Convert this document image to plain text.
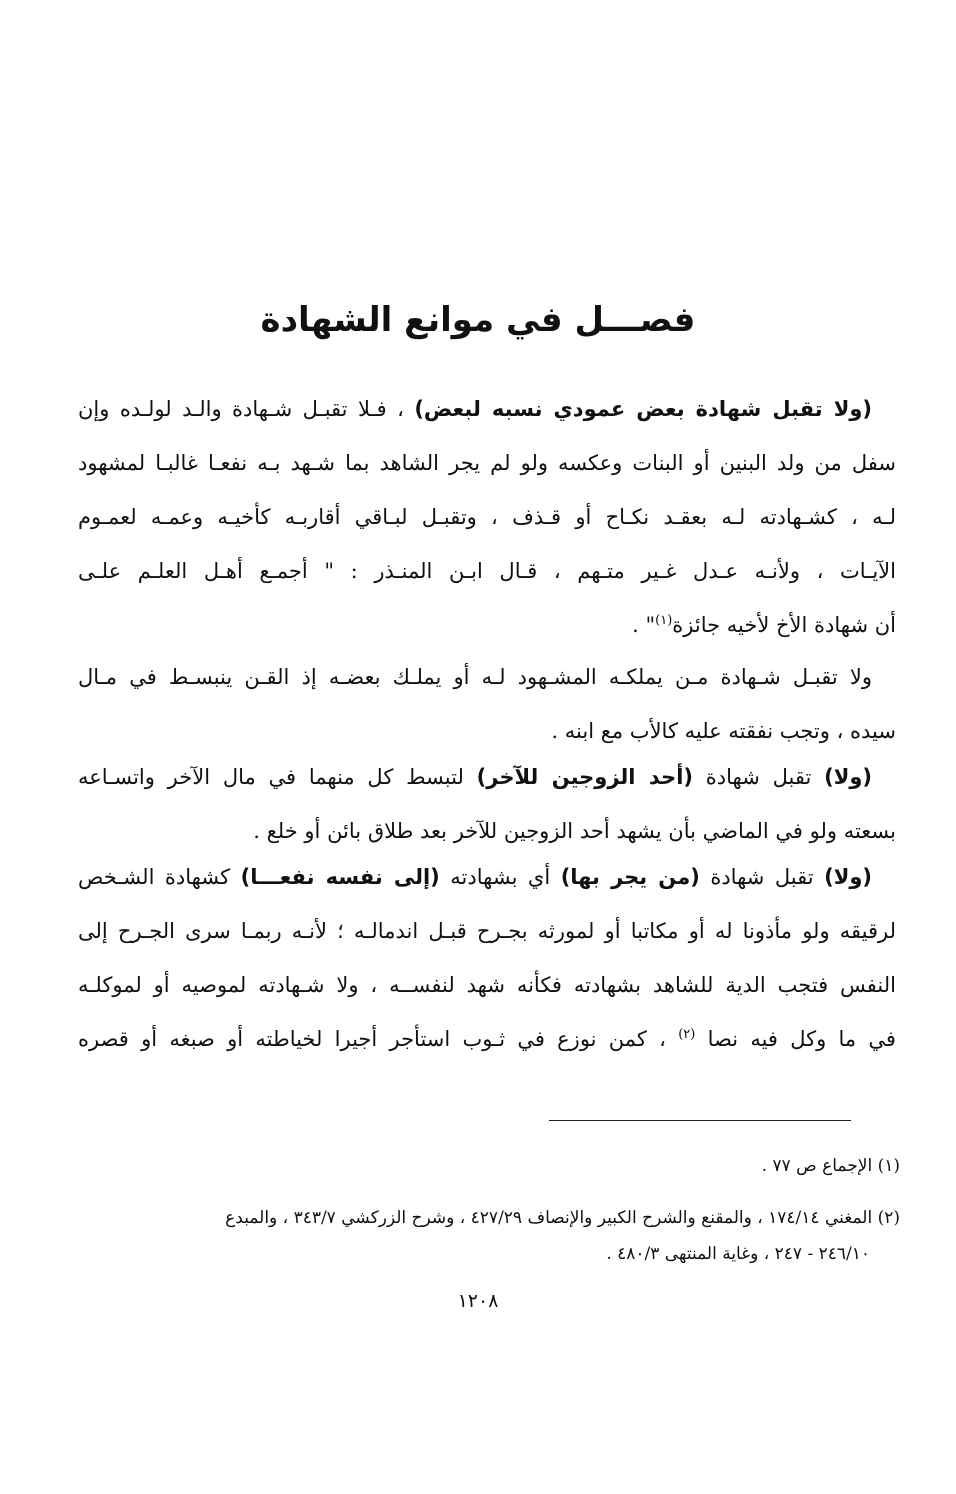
فصـــل في موانع الشهادة
(ولا تقبل شهادة بعض عمودي نسبه لبعض) ، فـلا تقبـل شـهادة والـد لولـده وإن
سفل من ولد البنين أو البنات وعكسه ولو لم يجر الشاهد بما شـهد بـه نفعـا غالبـا لمشهود
لـه ، كشـهادته لـه بعقـد نكـاح أو قـذف ، وتقبـل لبـاقي أقاربـه كأخيـه وعمـه لعمـوم
الآيـات ، ولأنـه عـدل غـير متـهم ، قـال ابـن المنـذر : " أجمـع أهـل العلـم علـى
أن شهادة الأخ لأخيه جائزة$^{(١)}$" .
ولا تقبـل شـهادة مـن يملكـه المشـهود لـه أو يملـك بعضـه إذ القـن ينبسـط في مـال
سيده ، وتجب نفقته عليه كالأب مع ابنه .
(ولا) تقبل شهادة (أحد الزوجين للآخر) لتبسط كل منهما في مال الآخر واتسـاعه
بسعته ولو في الماضي بأن يشهد أحد الزوجين للآخر بعد طلاق بائن أو خلع .
(ولا) تقبل شهادة (من يجر بها) أي بشهادته (إلى نفسه نفعـــا) كشهادة الشـخص
لرقيقه ولو مأذونا له أو مكاتبا أو لمورثه بجـرح قبـل اندمالـه ؛ لأنـه ربمـا سرى الجـرح إلى
النفس فتجب الدية للشاهد بشهادته فكأنه شهد لنفســه ، ولا شـهادته لموصيه أو لموكلـه
في ما وكل فيه نصا $^{(٢)}$ ، كمن نوزع في ثـوب استأجر أجيرا لخياطته أو صبغه أو قصره
(١) الإجماع ص ٧٧ .
(٢) المغني ١٧٤/١٤ ، والمقنع والشرح الكبير والإنصاف ٤٢٧/٢٩ ، وشرح الزركشي ٣٤٣/٧ ، والمبدع
٢٤٦/١٠ - ٢٤٧ ، وغاية المنتهى ٤٨٠/٣ .
١٢٠٨
